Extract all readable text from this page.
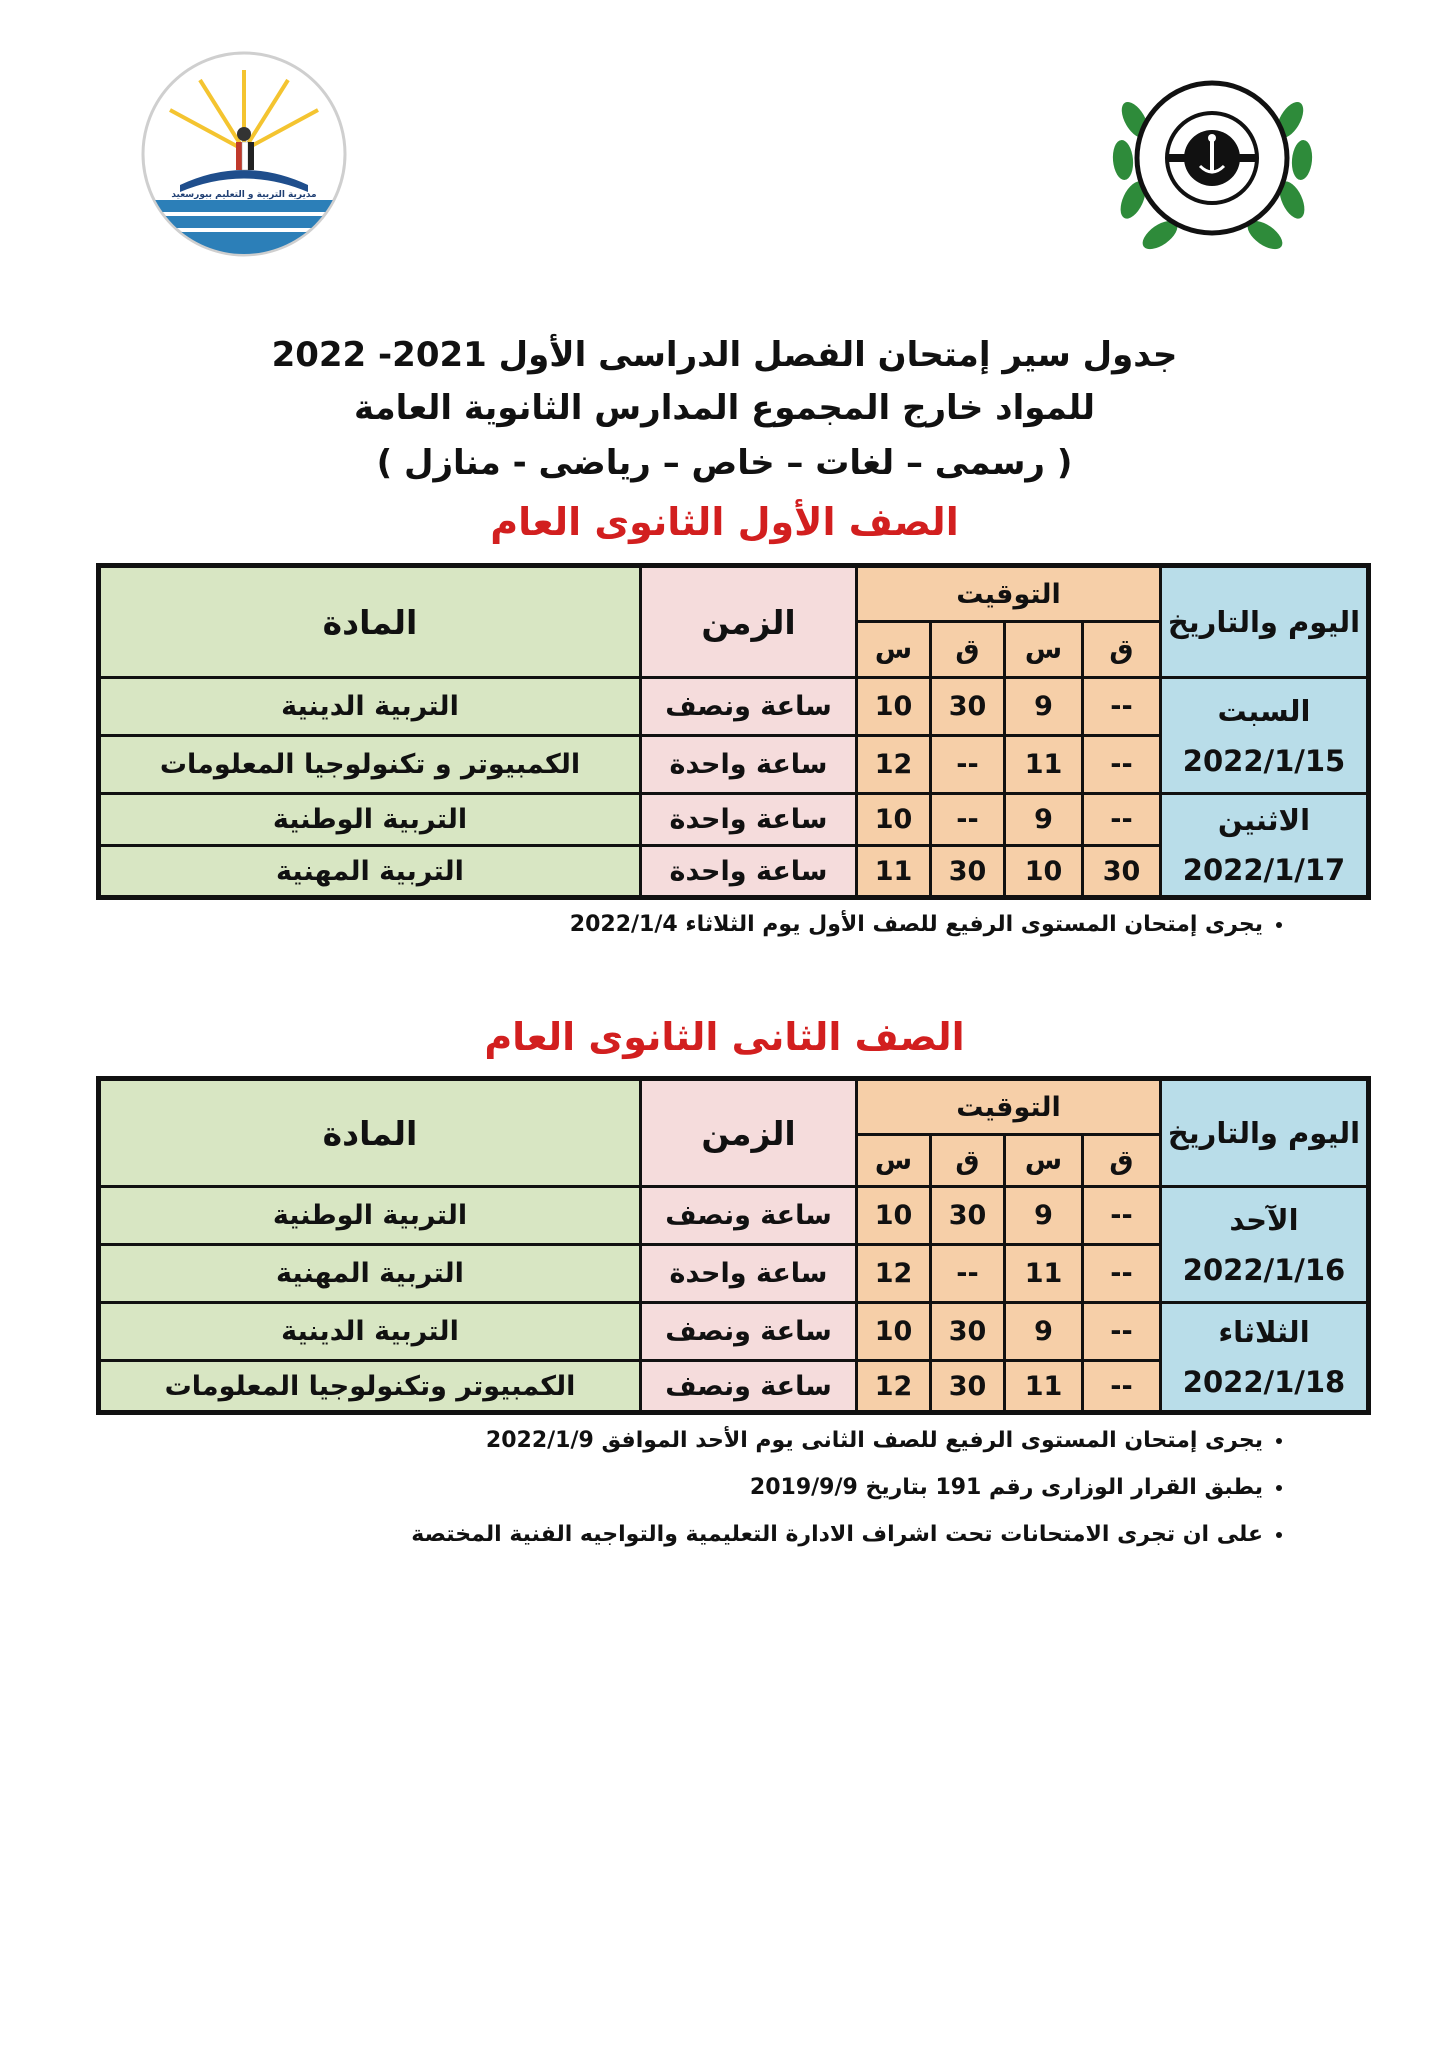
مديرية التربية و التعليم ببورسعيد
جدول سير إمتحان الفصل الدراسى الأول 2021- 2022
للمواد خارج المجموع المدارس الثانوية العامة
( رسمى – لغات – خاص – رياضى - منازل )
الصف الأول الثانوى العام
اليوم والتاريخ	التوقيت				الزمن	المادة
	ق	س	ق	س		

السبت
2022/1/15	--	9	30	10	ساعة ونصف	التربية الدينية
	--	11	--	12	ساعة واحدة	الكمبيوتر و تكنولوجيا المعلومات

الاثنين
2022/1/17	--	9	--	10	ساعة واحدة	التربية الوطنية
	30	10	30	11	ساعة واحدة	التربية المهنية
• يجرى إمتحان المستوى الرفيع للصف الأول يوم الثلاثاء 2022/1/4
الصف الثانى الثانوى العام
اليوم والتاريخ	التوقيت				الزمن	المادة
	ق	س	ق	س		

الآحد
2022/1/16	--	9	30	10	ساعة ونصف	التربية الوطنية
	--	11	--	12	ساعة واحدة	التربية المهنية

الثلاثاء
2022/1/18	--	9	30	10	ساعة ونصف	التربية الدينية
	--	11	30	12	ساعة ونصف	الكمبيوتر وتكنولوجيا المعلومات
• يجرى إمتحان المستوى الرفيع للصف الثانى يوم الأحد الموافق 2022/1/9
• يطبق القرار الوزارى رقم 191 بتاريخ 2019/9/9
• على ان تجرى الامتحانات تحت اشراف الادارة التعليمية والتواجيه الفنية المختصة
